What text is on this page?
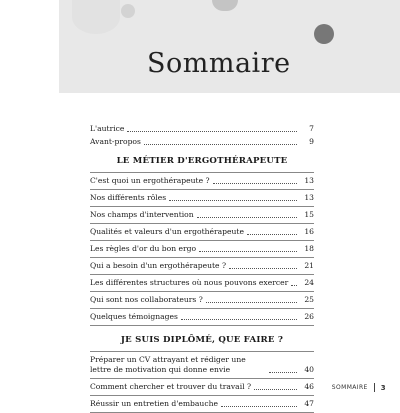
Sommaire
L'autrice	7
Avant-propos	9
LE MÉTIER D'ERGOTHÉRAPEUTE
C'est quoi un ergothérapeute ?	13
Nos différents rôles	13
Nos champs d'intervention	15
Qualités et valeurs d'un ergothérapeute	16
Les règles d'or du bon ergo	18
Qui a besoin d'un ergothérapeute ?	21
Les différentes structures où nous pouvons exercer	24
Qui sont nos collaborateurs ?	25
Quelques témoignages	26
JE SUIS DIPLÔMÉ, QUE FAIRE ?
Préparer un CV attrayant et rédiger une lettre de motivation qui donne envie	40
Comment chercher et trouver du travail ?	46
Réussir un entretien d'embauche	47
SOMMAIRE 3
